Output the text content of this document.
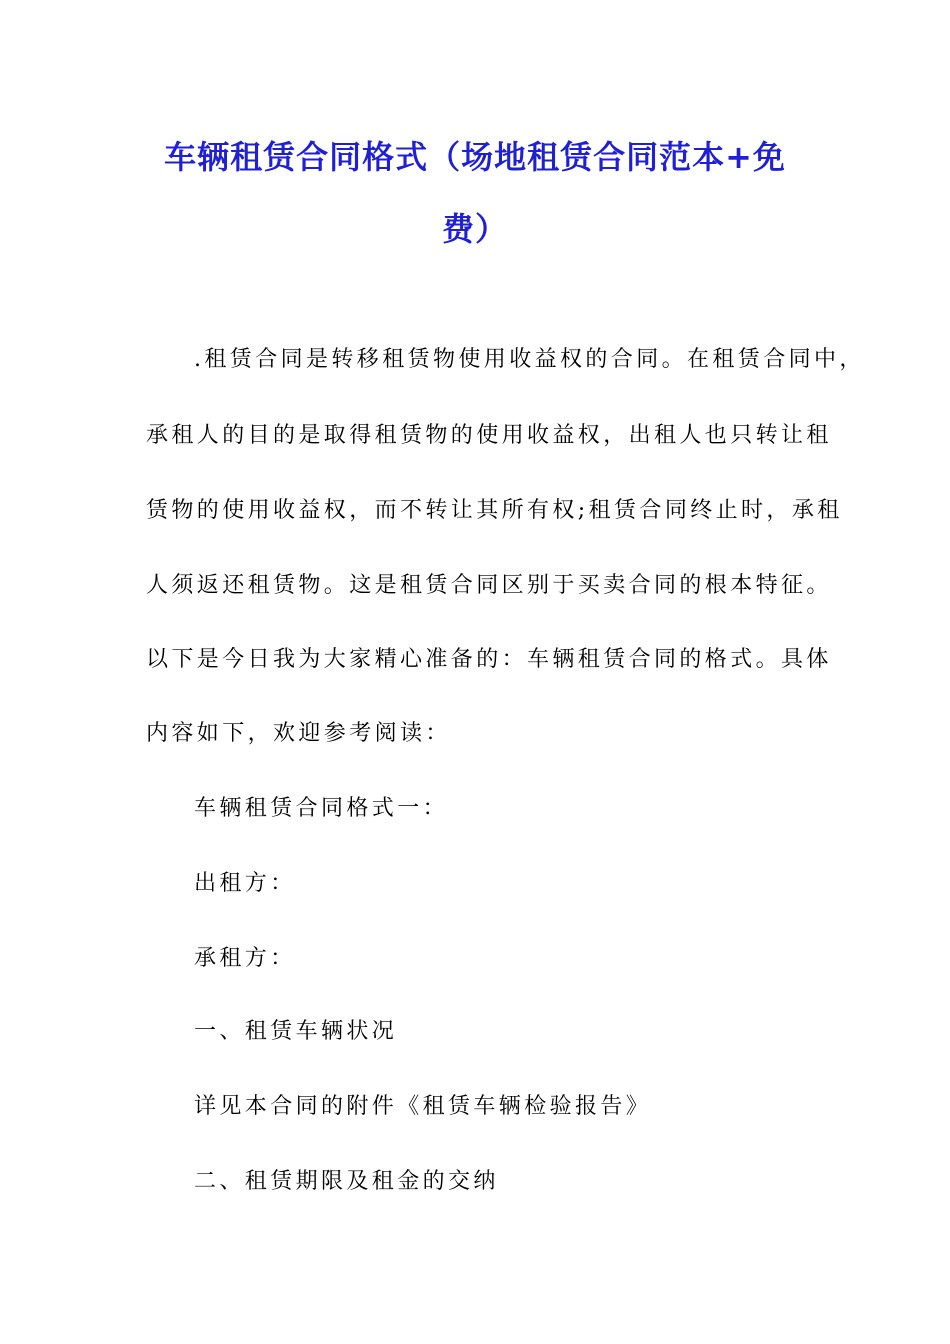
车辆租赁合同格式（场地租赁合同范本+免
费）
.租赁合同是转移租赁物使用收益权的合同。在租赁合同中，
承租人的目的是取得租赁物的使用收益权，出租人也只转让租
赁物的使用收益权，而不转让其所有权;租赁合同终止时，承租
人须返还租赁物。这是租赁合同区别于买卖合同的根本特征。
以下是今日我为大家精心准备的：车辆租赁合同的格式。具体
内容如下，欢迎参考阅读：
车辆租赁合同格式一：
出租方：
承租方：
一、租赁车辆状况
详见本合同的附件《租赁车辆检验报告》
二、租赁期限及租金的交纳
